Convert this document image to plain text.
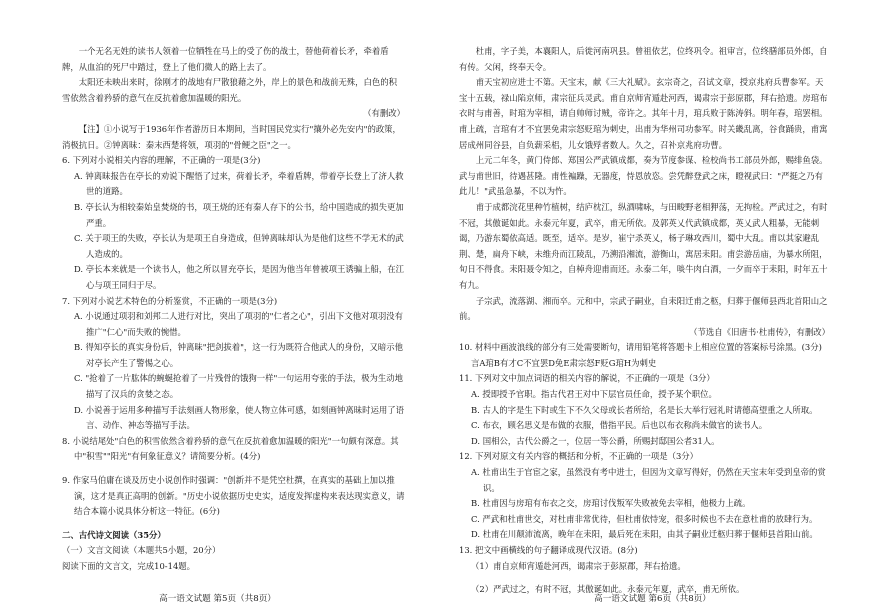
一个无名无姓的读书人领着一位牺牲在马上的受了伤的战士，替他荷着长矛，牵着盾牌，从血泊的死尸中踏过，登上了他们微人的路上去了。

太阳还未映出来时，徐刚才的战地有尸散狼藉之外，岸上的景色和战前无殊，白色的积雪依然含着矜骄的意气在反抗着愈加温暖的阳光。

（有删改）

【注】①小说写于1936年作者游历日本期间，当时国民党实行"攘外必先安内"的政策，消极抗日。②钟离昧：秦末西楚将领，项羽的"骨鲠之臣"之一。

6. 下列对小说相关内容的理解，不正确的一项是(3分)

A. 钟离昧报告在亭长的劝说下醒悟了过来，荷着长矛，牵着盾牌，带着亭长登上了济人救世的道路。

B. 亭长认为相较秦始皇焚烧的书，项王烧的还有秦人存下的公书，给中国造成的损失更加严重。

C. 关于项王的失败，亭长认为是项王自身造成，但钟离昧却认为是他们这些不学无术的武人造成的。

D. 亭长本来就是一个读书人，他之所以冒充亭长，是因为他当年曾被项王诱骗上船，在江心与项王同归于尽。

7. 下列对小说艺术特色的分析鉴赏，不正确的一项是(3分)

A. 小说通过项羽和刘邦二人进行对比，突出了项羽的"仁者之心"，引出下文他对项羽没有推广"仁心"而失败的惋惜。

B. 得知亭长的真实身份后，钟离昧"把剑拔着"，这一行为既符合他武人的身份，又暗示他对亭长产生了警惕之心。

C. "抢着了一片肱体的蜿蜒抢着了一片残骨的饿狗一样"一句运用夸张的手法，极为生动地描写了汉兵的贪婪之态。

D. 小说善于运用多种描写手法刻画人物形象，使人物立体可感，如刻画钟离昧时运用了语言、动作、神态等描写手法。

8. 小说结尾处"白色的积雪依然含着矜骄的意气在反抗着愈加温暖的阳光"一句颇有深意。其中"积雪""阳光"有何象征意义？请简要分析。(4分)

9. 作家马伯庸在谈及历史小说创作时强调："创新并不是凭空杜撰，在真实的基础上加以推演，这才是真正高明的创新。"历史小说依据历史史实，适度发挥虚构来表达现实意义，请结合本篇小说具体分析这一特征。(6分)

二、古代诗文阅读（35分）

（一）文言文阅读（本题共5小题，20分）

阅读下面的文言文，完成10-14题。

高一语文试题 第5页（共8页）

杜甫，字子美，本襄阳人，后徙河南巩县。曾祖依艺，位终巩令。祖审言，位终膳部员外郎，自有传。父闲，终奉天令。

甫天宝初应进士不第。天宝末，献《三大礼赋》。玄宗奇之，召试文章，授京兆府兵曹参军。天宝十五载，禄山陷京师，肃宗征兵灵武。甫自京师宵遁赴河西，谒肃宗于彭原郡，拜右拾遗。房琯布衣时与甫善，时琯为宰相，请自帅师讨贼，帝许之。其年十月，琯兵败于陈涛斜。明年春，琯罢相。甫上疏，言琯有才不宜罢免肃宗怒贬琯为刺史，出甫为华州司功参军。时关畿乱离，谷食踊贵，甫寓居成州同谷县，自负薪采梠，儿女饿殍者数人。久之，召补京兆府功曹。

上元二年冬，黄门侍郎、郑国公严武镇成都，奏为节度参谋、检校尚书工部员外郎，赐绯鱼袋。武与甫世旧，待遇甚隆。甫性褊躁，无器度，恃恩放恣。尝凭醉登武之床，瞪视武曰："严挺之乃有此儿！"武虽急暴，不以为忤。

甫于成都浣花里种竹植树，结庐枕江，纵酒啸咏，与田畯野老相狎荡，无拘检。严武过之，有时不冠，其傲诞如此。永泰元年夏，武卒，甫无所依。及郭英乂代武镇成都，英乂武人粗暴，无能刺谒，乃游东蜀依高适。既至，适卒。是岁，崔宁杀英乂，杨子琳攻西川，蜀中大乱。甫以其家避乱荆、楚，扁舟下峡，未维舟而江陵乱，乃溯沿湘流，游衡山，寓居耒阳。甫尝游岳庙，为暴水所阻，旬日不得食。耒阳聂令知之，自棹舟迎甫而还。永泰二年，啖牛肉白酒，一夕而卒于耒阳，时年五十有九。

子宗武，流落湖、湘而卒。元和中，宗武子嗣业，自耒阳迁甫之柩，归葬于偃师县西北首阳山之前。

（节选自《旧唐书·杜甫传》，有删改）

10. 材料中画波浪线的部分有三处需要断句，请用铅笔将答题卡上相应位置的答案标号涂黑。(3分)

言A琯B有才C不宜罢D免E肃宗怒F贬G琯H为刺史

11. 下列对文中加点词语的相关内容的解说，不正确的一项是（3分）

A. 授即授予官职。指古代君王对中下层官员任命，授予某个职位。

B. 古人的字是生下时或生下不久父母或长者所给，名是长大举行冠礼时请德高望重之人所取。

C. 布衣，顾名思义是布做的衣服，借指平民。后也以布衣称尚未做官的读书人。

D. 国相公，古代公爵之一，位居一等公爵，所赐封邸国公者31人。

12. 下列对原文有关内容的概括和分析，不正确的一项是（3分）

A. 杜甫出生于官宦之家，虽然没有考中进士，但因为文章写得好，仍然在天宝末年受到皇帝的赏识。

B. 杜甫因与房琯有布衣之交，房琯讨伐叛军失败被免去宰相，他极力上疏。

C. 严武和杜甫世交，对杜甫非常优待，但杜甫依恃宠，很多时候也不去在意杜甫的放肆行为。

D. 杜甫在川颠沛流离，晚年在耒阳，最后死在耒阳，由其子嗣业迁柩归葬于偃师县首阳山前。

13. 把文中画横线的句子翻译成现代汉语。(8分)

（1）甫自京师宵遁赴河西，谒肃宗于彭原郡，拜右拾遗。

（2）严武过之，有时不冠，其傲诞如此。永泰元年夏，武卒，甫无所依。

高一语文试题 第6页（共8页）
